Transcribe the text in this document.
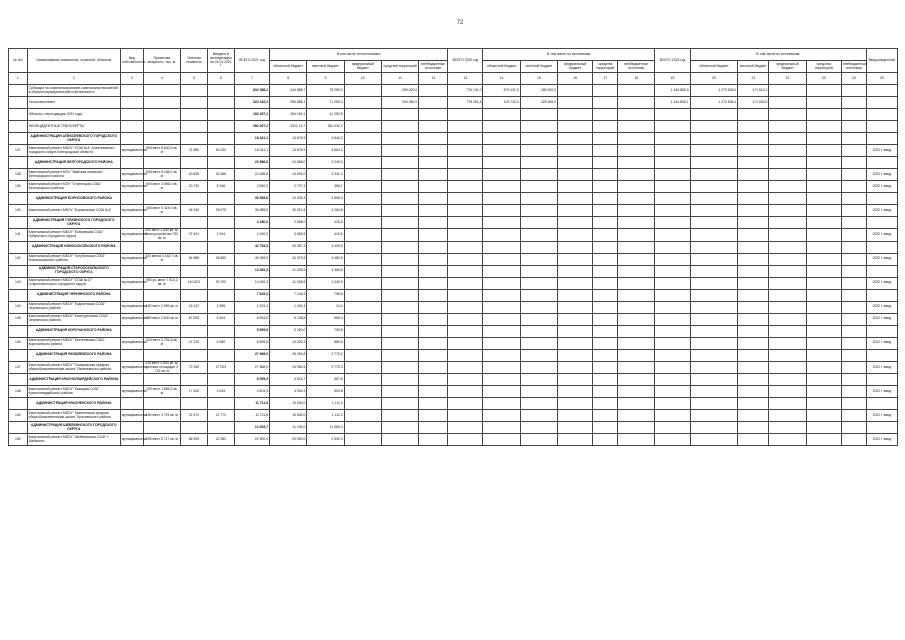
72
№ п/п	Наименование показателя, отраслей, объектов	Вид собственности	Проектная мощность, тыс. м.	Сметная стоимость	Введено в эксплуатацию на 01.01.2021 г.	ВСЕГО 2021 год	В том числе по источникам:					ВСЕГО 2022 год	В том числе по источникам:					ВСЕГО 2023 год	В том числе по источникам:					Ввод мощностей
							областной бюджет	местный бюджет	федеральный бюджет	средства территорий	внебюджетные источники		областной бюджет	местный бюджет	федеральный бюджет	средства территорий	внебюджетные источники		областной бюджет	местный бюджет	федеральный бюджет	средства территорий	внебюджетные источники	
1	2	3	4	5	6	7	8	9	10	11	12	13	14	15	16	17	18	19	20	21	22	23	24	25
	Субсидии на софинансирование капитальных вложений в объекты муниципальной собственности					832 988,2	444 888,7	78 285,3		309 000,0		776 131,0	679 131,0	180 520,0				1 444 880,0	1 273 836,0	171 512,0				
	За исключением					523 182,2	355 885,1	71 285,3		404 450,0		778 401,6	103 734,0	425 465,0				1 444 895,1	1 273 836,1	171 030,0				
	Объекты, переходящие 2021 года					182 457,2	454 154,1	41 250,5																
	НЕИНЦИДЕНТНЫЕ ТРАНСФЕРТЫ					382 057,2	3321 14,7	361 032,2																
	АДМИНИСТРАЦИЯ АЛЕКСЕЕВСКОГО ГОРОДСКОГО ОКРУГА					18 341,1	13 676,9	4 844,2																
137	Капитальный ремонт МБОУ "СОШ №4" Алексеевского городского округа Белгородской области	муниципальная	500 мест 5 640,9 кв. м	71 960	60 230	18 341,1	13 676,9	4 664,2																2022 г. ввод
	АДМИНИСТРАЦИЯ БЕЛГОРОДСКОГО РАЙОНА					23 886,8	24 568,0	2 040,0																
138	Капитальный ремонт МОУ "Майская гимназия" Белгородского района	муниципальная	635 мест 6 186,0 кв. м	40 628	32 486	24 485,8	14 504,0	3 341,2																2022 г. ввод
139	Капитальный ремонт МОУ "Стрелецкая СОШ" Белгородского района	муниципальная	600 мест 3 056,0 кв. м	20 720	8 246	3 550,0	2 707,3	358,1																2022 г. ввод
	АДМИНИСТРАЦИЯ БОРИСОВСКОГО РАЙОНА					36 585,6	10 938,3	2 806,0																
140	Капитальный ремонт МБОУ "Борисовская СОШ №1"	муниципальная	400 мест 5 324,0 кв. м	46 340	29 075	36 585,6	30 010,4	3 264,8																2022 г. ввод
	АДМИНИСТРАЦИЯ ГУБКИНСКОГО ГОРОДСКОГО ОКРУГА					4 180,0	2 658,0	415,6																
141	Капитальный ремонт МБОУ "Бобровская СОШ" Губкинского городского округа	муниципальная	200 мест 1 890 кв. м; благоустройство 730 кв. м	37 401	1 344	4 180,0	3 655,5	415,6																2022 г. ввод
	АДМИНИСТРАЦИЯ НОВООСКОЛЬСКОГО РАЙОНА					42 754,5	40 457,3	4 409,5																
142	Капитальный ремонт МБОУ "Голубинская СОШ" Новооскольского района	муниципальная	324 места 4 182,7 кв. м	54 589	46 580	46 355,0	42 373,5	4 480,5																2022 г. ввод
	АДМИНИСТРАЦИЯ СТАРООСКОЛЬСКОГО ГОРОДСКОГО ОКРУГА					14 452,3	11 035,5	3 366,8																
143	Капитальный ремонт МБОУ "СОШ №17" Старооскольского городского округа	муниципальная	950 уч. мест 7 513,2 кв. м	110 623	93 700	14 452,3	11 035,5	1 340,9																2022 г. ввод
	АДМИНИСТРАЦИЯ ЧЕРНЯНСКОГО РАЙОНА					7 845,3	7 146,3	798,8																
144	Капитальный ремонт МБОУ "Ездоченская СОШ" Чернянского района	муниципальная	150 мест 2 555 кв. м	16 147	1 555	1 251,4	1 401,4	14,4																2022 г. ввод
145	Капитальный ремонт МБОУ "Кочегуренская СОШ" Чернянского района	муниципальная	360 мест 2 600 кв. м	67 653	5 404	6 694,0	5 748,8	665,4																2022 г. ввод
	АДМИНИСТРАЦИЯ КОРОЧАНСКОГО РАЙОНА					5 859,8	5 260,0	709,8																
146	Капитальный ремонт МБОУ "Бехтеевская СОШ" Корочанского района	муниципальная	310 мест 2 751,8 кв. м	47 219	6 580	5 859,8	10 025,3	880,5																2022 г. ввод
	АДМИНИСТРАЦИЯ ЯКОВЛЕВСКОГО РАЙОНА					27 868,9	25 094,8	2 779,0																
147	Капитальный ремонт МБОУ "Томаровская средняя общеобразовательная школа" Яковлевского района	муниципальная	225 мест 2 600 кв. м; детская площадка 3 715 кв. м	72 340	27 003	27 868,9	24 982,6	2 775,3																2022 г. ввод
	АДМИНИСТРАЦИЯ КРАСНОГВАРДЕЙСКОГО РАЙОНА					6 595,3	4 513,7	567,8																
148	Капитальный ремонт МБОУ "Казацкая СОШ" Красногвардейского района	муниципальная	125 мест 1 655,0 кв. м	17 400	4 634	4 504,3	4 040,3	503,8																2022 г. ввод
	АДМИНИСТРАЦИЯ КРАСНЕНСКОГО РАЙОНА					11 711,8	10 630,0	1 111,2																
149	Капитальный ремонт МБОУ "Красненская средняя общеобразовательная школа" Красненского района	муниципальная	150 мест 3 791 кв. м	32 472	11 771	11 711,8	10 630,0	1 111,2																2022 г. ввод
	АДМИНИСТРАЦИЯ ШЕБЕКИНСКОГО ГОРОДСКОГО ОКРУГА					14 533,7	11 196,0	11 080,0																
150	Капитальный ремонт МБОУ "Шебекинская СОШ" г. Шебекино	муниципальная	205 мест 5 717 кв. м	66 920	22 382	22 500,0	20 000,0	2 500,0																2022 г. ввод
